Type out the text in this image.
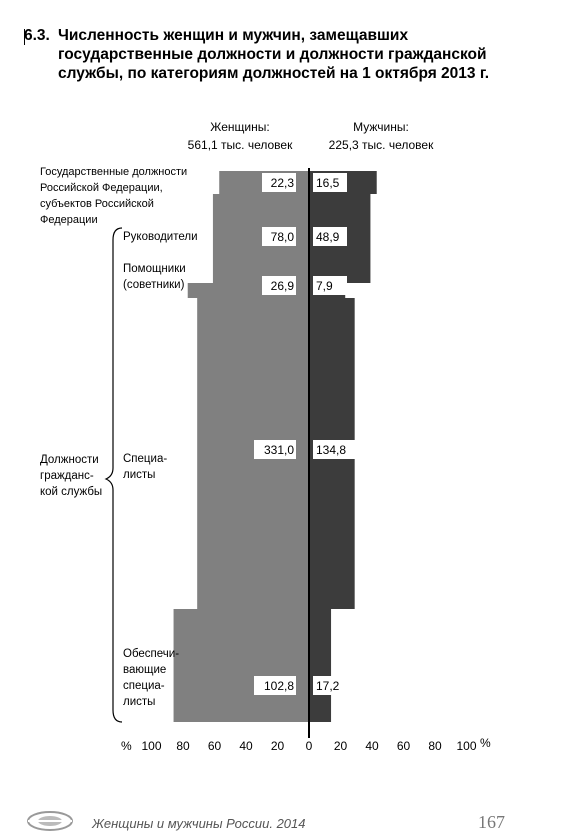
6.3. Численность женщин и мужчин, замещавших государственные должности и должности гражданской службы, по категориям должностей на 1 октября 2013 г.
Женщины:
561,1 тыс. человек
Мужчины:
225,3 тыс. человек
22,3 16,5
78,0 48,9
26,9 7,9
331,0 134,8
102,8 17,2
Государственные должности
Российской Федерации,
субъектов Российской
Федерации
Руководители
Помощники
(советники)
Специа-
листы
Обеспечи-
вающие
специа-
листы
Должности
гражданс-
кой службы
100 80 60 40 20 0 20 40 60 80 100
%	%
Женщины и мужчины России. 2014	167
